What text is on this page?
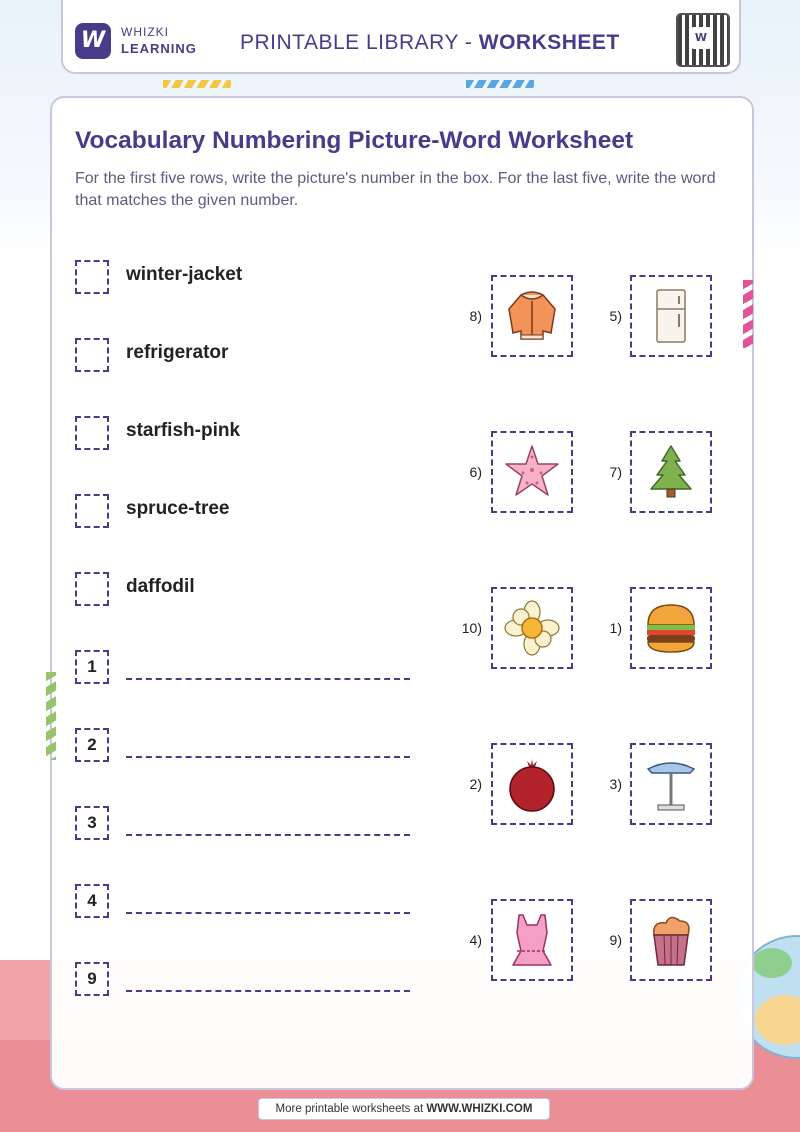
W	WHIZKI
LEARNING PRINTABLE LIBRARY - WORKSHEET	W
Vocabulary Numbering Picture-Word Worksheet
For the first five rows, write the picture's number in the box. For the last five, write the word that matches the given number.
winter-jacket
refrigerator
starfish-pink
spruce-tree
daffodil
1
2
3
4
9
8)	5)
6)	7)
10)	1)
2)	3)
4)	9)
More printable worksheets at WWW.WHIZKI.COM
